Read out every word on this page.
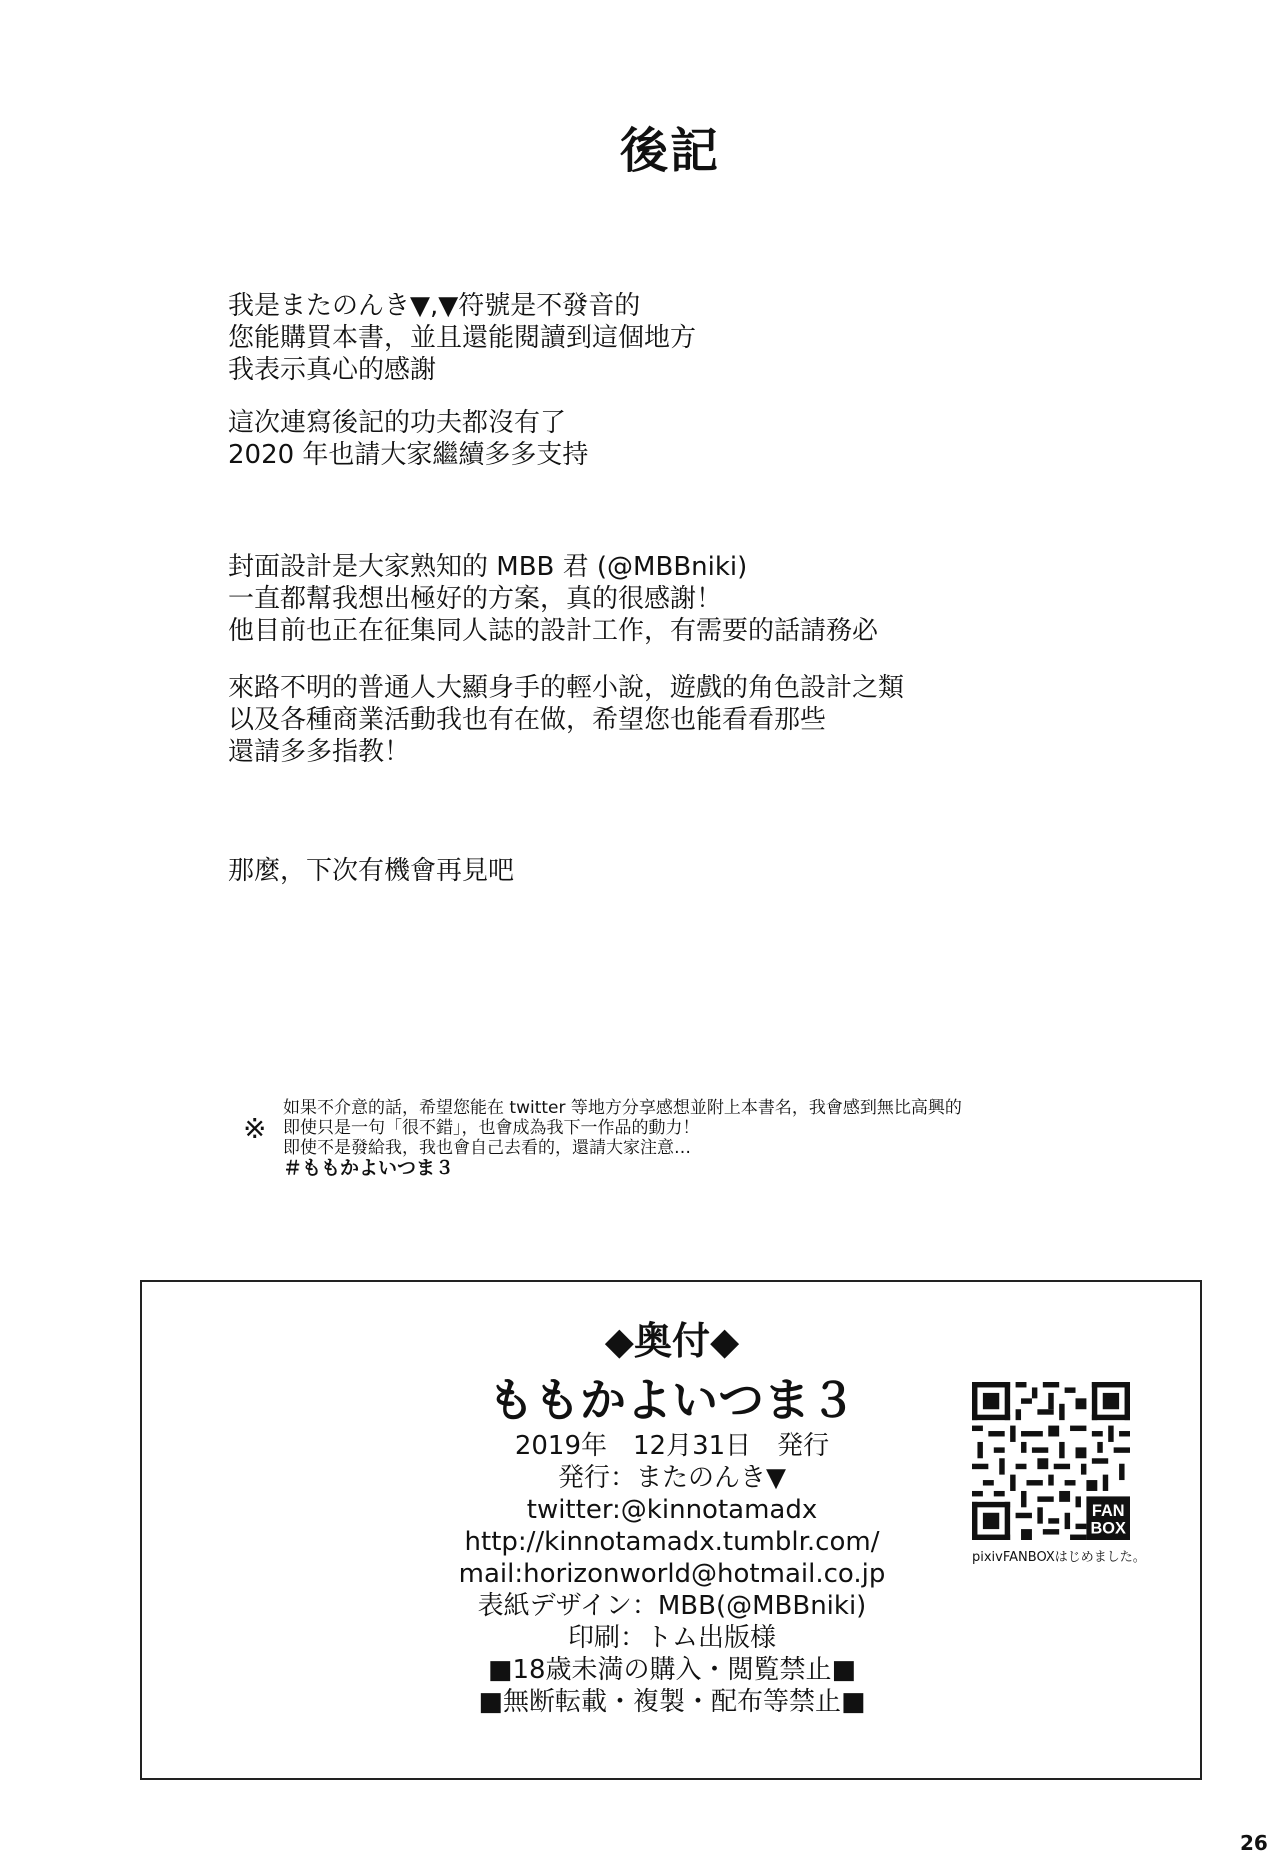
後記
我是またのんき▼,▼符號是不發音的
您能購買本書，並且還能閱讀到這個地方
我表示真心的感謝
這次連寫後記的功夫都沒有了
2020 年也請大家繼續多多支持
封面設計是大家熟知的 MBB 君 (@MBBniki)
一直都幫我想出極好的方案，真的很感謝！
他目前也正在征集同人誌的設計工作，有需要的話請務必
來路不明的普通人大顯身手的輕小說，遊戲的角色設計之類
以及各種商業活動我也有在做，希望您也能看看那些
還請多多指教！
那麼，下次有機會再見吧
※
如果不介意的話，希望您能在 twitter 等地方分享感想並附上本書名，我會感到無比高興的
即使只是一句「很不錯」，也會成為我下一作品的動力！
即使不是發給我，我也會自己去看的，還請大家注意…
＃ももかよいつま３
◆奥付◆
ももかよいつま３
2019年　12月31日　発行
発行：またのんき▼
twitter:@kinnotamadx
http://kinnotamadx.tumblr.com/
mail:horizonworld@hotmail.co.jp
表紙デザイン：MBB(@MBBniki)
印刷：トム出版様
■18歳未満の購入・閲覧禁止■
■無断転載・複製・配布等禁止■
FAN
BOX
pixivFANBOXはじめました。
26
